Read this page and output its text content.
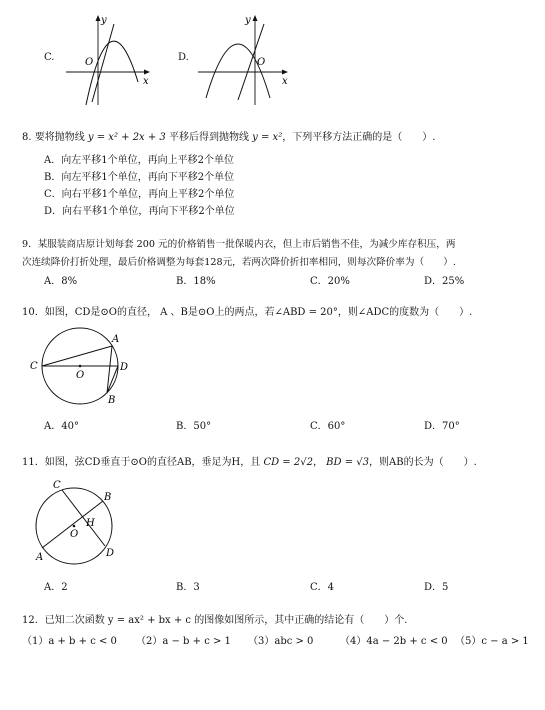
C.
y
x
O	D.
y
x
O
8. 要将抛物线 y = x² + 2x + 3 平移后得到抛物线 y = x²，下列平移方法正确的是（　　）.
A．向左平移1个单位，再向上平移2个单位
B．向左平移1个单位，再向下平移2个单位
C．向右平移1个单位，再向上平移2个单位
D．向右平移1个单位，再向下平移2个单位
9．某服装商店原计划每套 200 元的价格销售一批保暖内衣，但上市后销售不佳，为减少库存积压，两
次连续降价打折处理，最后价格调整为每套128元，若两次降价折扣率相同，则每次降价率为（　　）.
A．8%	B．18%	C．20%	D．25%
10．如图，CD是⊙O的直径， A 、B是⊙O上的两点，若∠ABD = 20°，则∠ADC的度数为（　　）.
A
B
C	D
O
A．40°	B．50°	C．60°	D．70°
11．如图，弦CD垂直于⊙O的直径AB，垂足为H，且 CD = 2√2， BD = √3，则AB的长为（　　）.
A
B
C
D
H
O
A．2	B．3	C．4	D．5
12．已知二次函数 y = ax² + bx + c 的图像如图所示，其中正确的结论有（　　）个.
（1）a + b + c < 0 （2）a − b + c > 1 （3）abc > 0	（4）4a − 2b + c < 0 （5）c − a > 1
